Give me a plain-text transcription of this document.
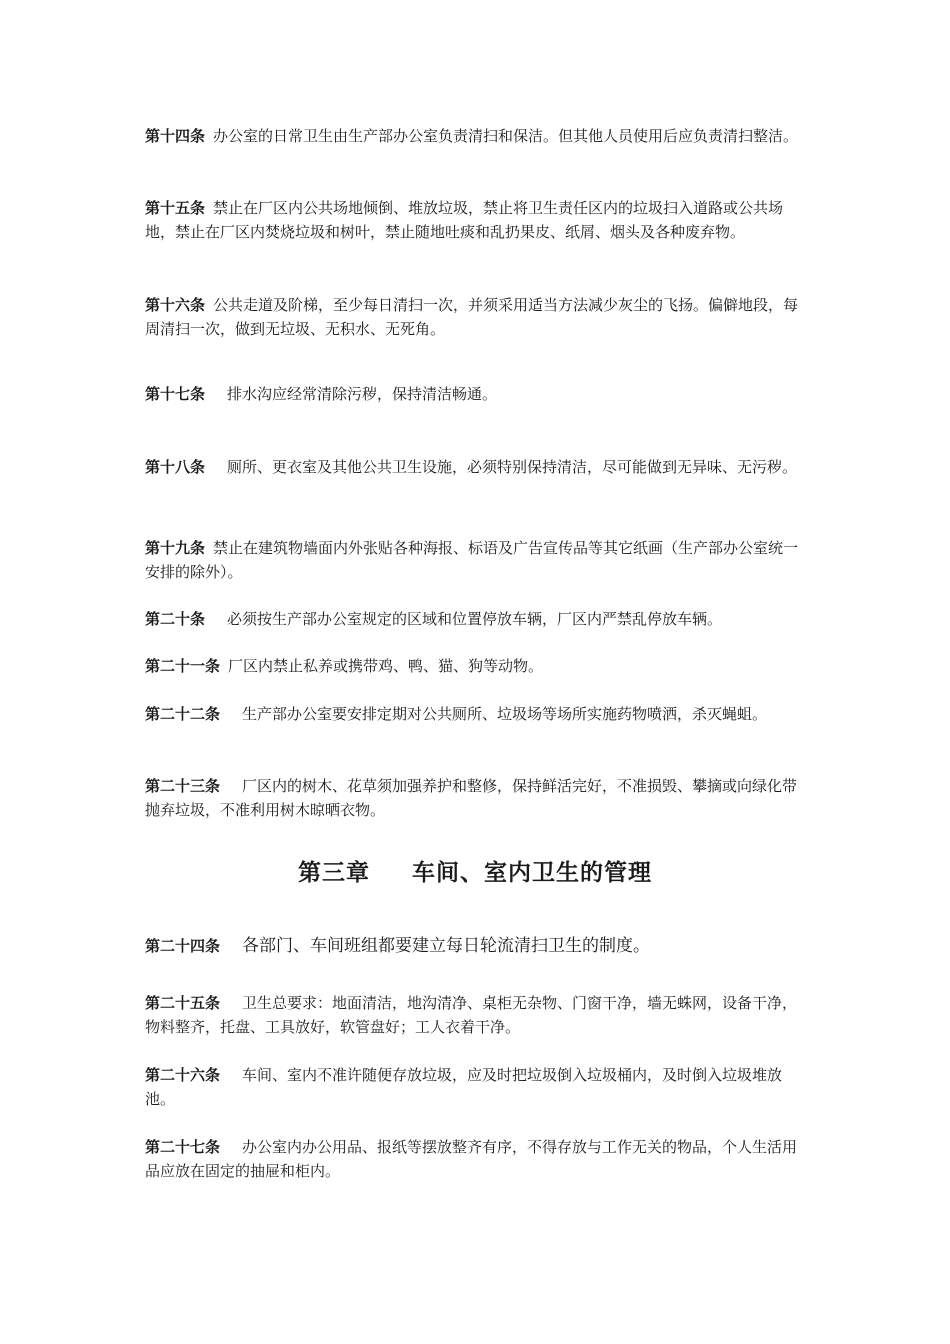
第十四条 办公室的日常卫生由生产部办公室负责清扫和保洁。但其他人员使用后应负责清扫整洁。

第十五条 禁止在厂区内公共场地倾倒、堆放垃圾，禁止将卫生责任区内的垃圾扫入道路或公共场地，禁止在厂区内焚烧垃圾和树叶，禁止随地吐痰和乱扔果皮、纸屑、烟头及各种废弃物。

第十六条 公共走道及阶梯，至少每日清扫一次，并须采用适当方法减少灰尘的飞扬。偏僻地段，每周清扫一次，做到无垃圾、无积水、无死角。

第十七条 排水沟应经常清除污秽，保持清洁畅通。

第十八条 厕所、更衣室及其他公共卫生设施，必须特别保持清洁，尽可能做到无异味、无污秽。

第十九条 禁止在建筑物墙面内外张贴各种海报、标语及广告宣传品等其它纸画（生产部办公室统一安排的除外）。

第二十条 必须按生产部办公室规定的区域和位置停放车辆，厂区内严禁乱停放车辆。

第二十一条 厂区内禁止私养或携带鸡、鸭、猫、狗等动物。

第二十二条 生产部办公室要安排定期对公共厕所、垃圾场等场所实施药物喷洒，杀灭蝇蛆。

第二十三条 厂区内的树木、花草须加强养护和整修，保持鲜活完好，不准损毁、攀摘或向绿化带抛弃垃圾，不准利用树木晾晒衣物。

第三章 车间、室内卫生的管理

第二十四条 各部门、车间班组都要建立每日轮流清扫卫生的制度。

第二十五条 卫生总要求：地面清洁，地沟清净、桌柜无杂物、门窗干净，墙无蛛网，设备干净，物料整齐，托盘、工具放好，软管盘好；工人衣着干净。

第二十六条 车间、室内不准许随便存放垃圾，应及时把垃圾倒入垃圾桶内，及时倒入垃圾堆放池。

第二十七条 办公室内办公用品、报纸等摆放整齐有序，不得存放与工作无关的物品，个人生活用品应放在固定的抽屉和柜内。
